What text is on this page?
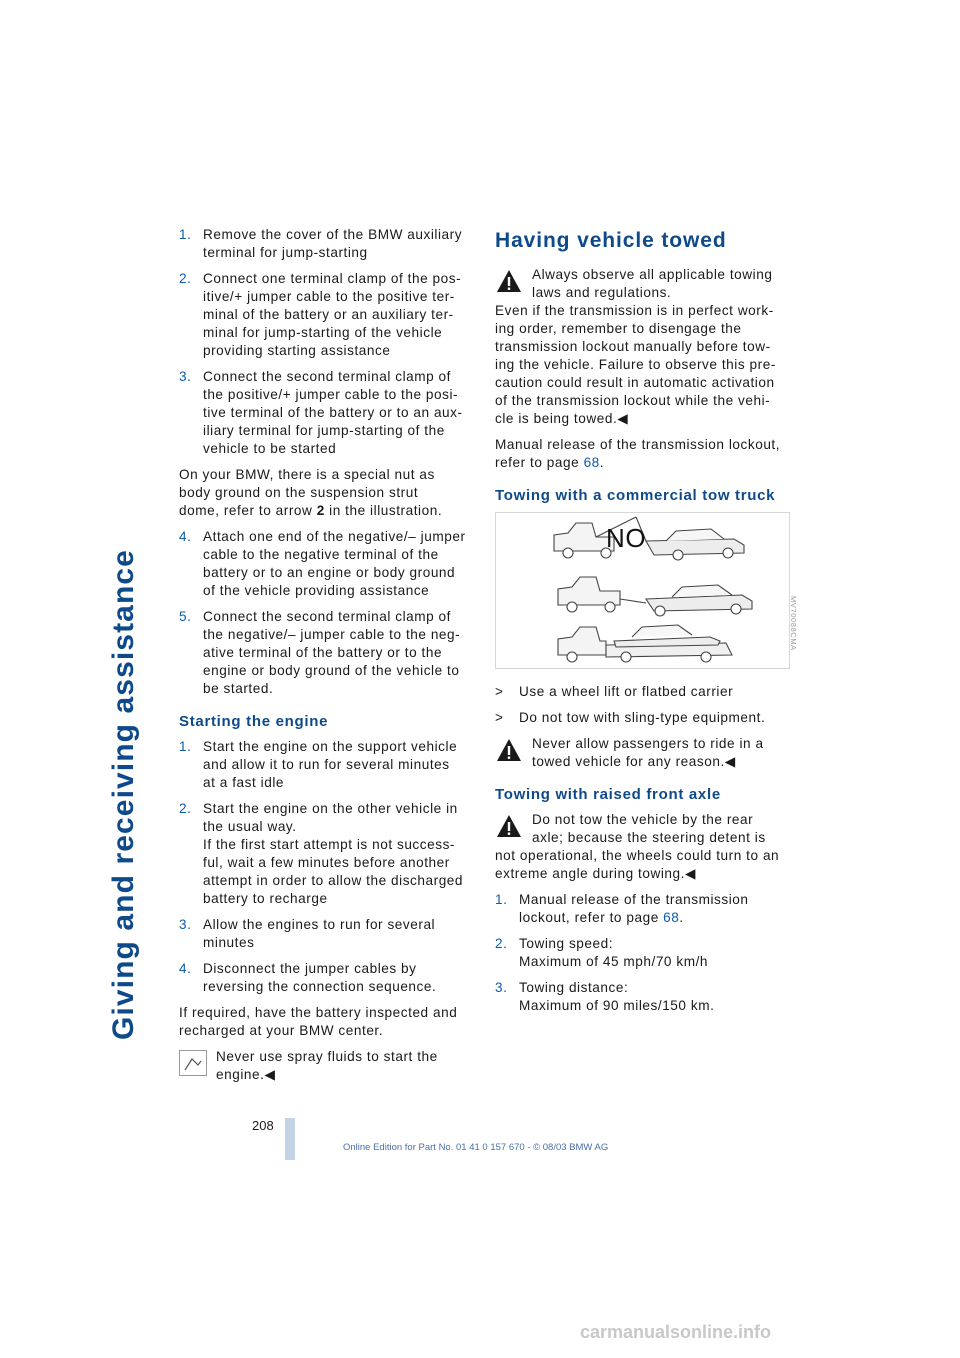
Giving and receiving assistance
1. Remove the cover of the BMW auxiliary
terminal for jump-starting
2. Connect one terminal clamp of the pos-
itive/+ jumper cable to the positive ter-
minal of the battery or an auxiliary ter-
minal for jump-starting of the vehicle
providing starting assistance
3. Connect the second terminal clamp of
the positive/+ jumper cable to the posi-
tive terminal of the battery or to an aux-
iliary terminal for jump-starting of the
vehicle to be started

On your BMW, there is a special nut as
body ground on the suspension strut
dome, refer to arrow 2 in the illustration.

4. Attach one end of the negative/– jumper
cable to the negative terminal of the
battery or to an engine or body ground
of the vehicle providing assistance
5. Connect the second terminal clamp of
the negative/– jumper cable to the neg-
ative terminal of the battery or to the
engine or body ground of the vehicle to
be started.
Starting the engine
1. Start the engine on the support vehicle
and allow it to run for several minutes
at a fast idle
2. Start the engine on the other vehicle in
the usual way.
If the first start attempt is not success-
ful, wait a few minutes before another
attempt in order to allow the discharged
battery to recharge
3. Allow the engines to run for several
minutes
4. Disconnect the jumper cables by
reversing the connection sequence.

If required, have the battery inspected and
recharged at your BMW center.

Never use spray fluids to start the
engine.◀
Having vehicle towed
Always observe all applicable towing
laws and regulations.
Even if the transmission is in perfect work-
ing order, remember to disengage the
transmission lockout manually before tow-
ing the vehicle. Failure to observe this pre-
caution could result in automatic activation
of the transmission lockout while the vehi-
cle is being towed.◀

Manual release of the transmission lockout,
refer to page 68.

Towing with a commercial tow truck
NO
> Use a wheel lift or flatbed carrier
> Do not tow with sling-type equipment.
Never allow passengers to ride in a
towed vehicle for any reason.◀
Towing with raised front axle
Do not tow the vehicle by the rear
axle; because the steering detent is
not operational, the wheels could turn to an
extreme angle during towing.◀
1. Manual release of the transmission
lockout, refer to page 68.
2. Towing speed:
Maximum of 45 mph/70 km/h
3. Towing distance:
Maximum of 90 miles/150 km.
MV70088CMA
208
Online Edition for Part No. 01 41 0 157 670 - © 08/03 BMW AG
carmanualsonline.info
